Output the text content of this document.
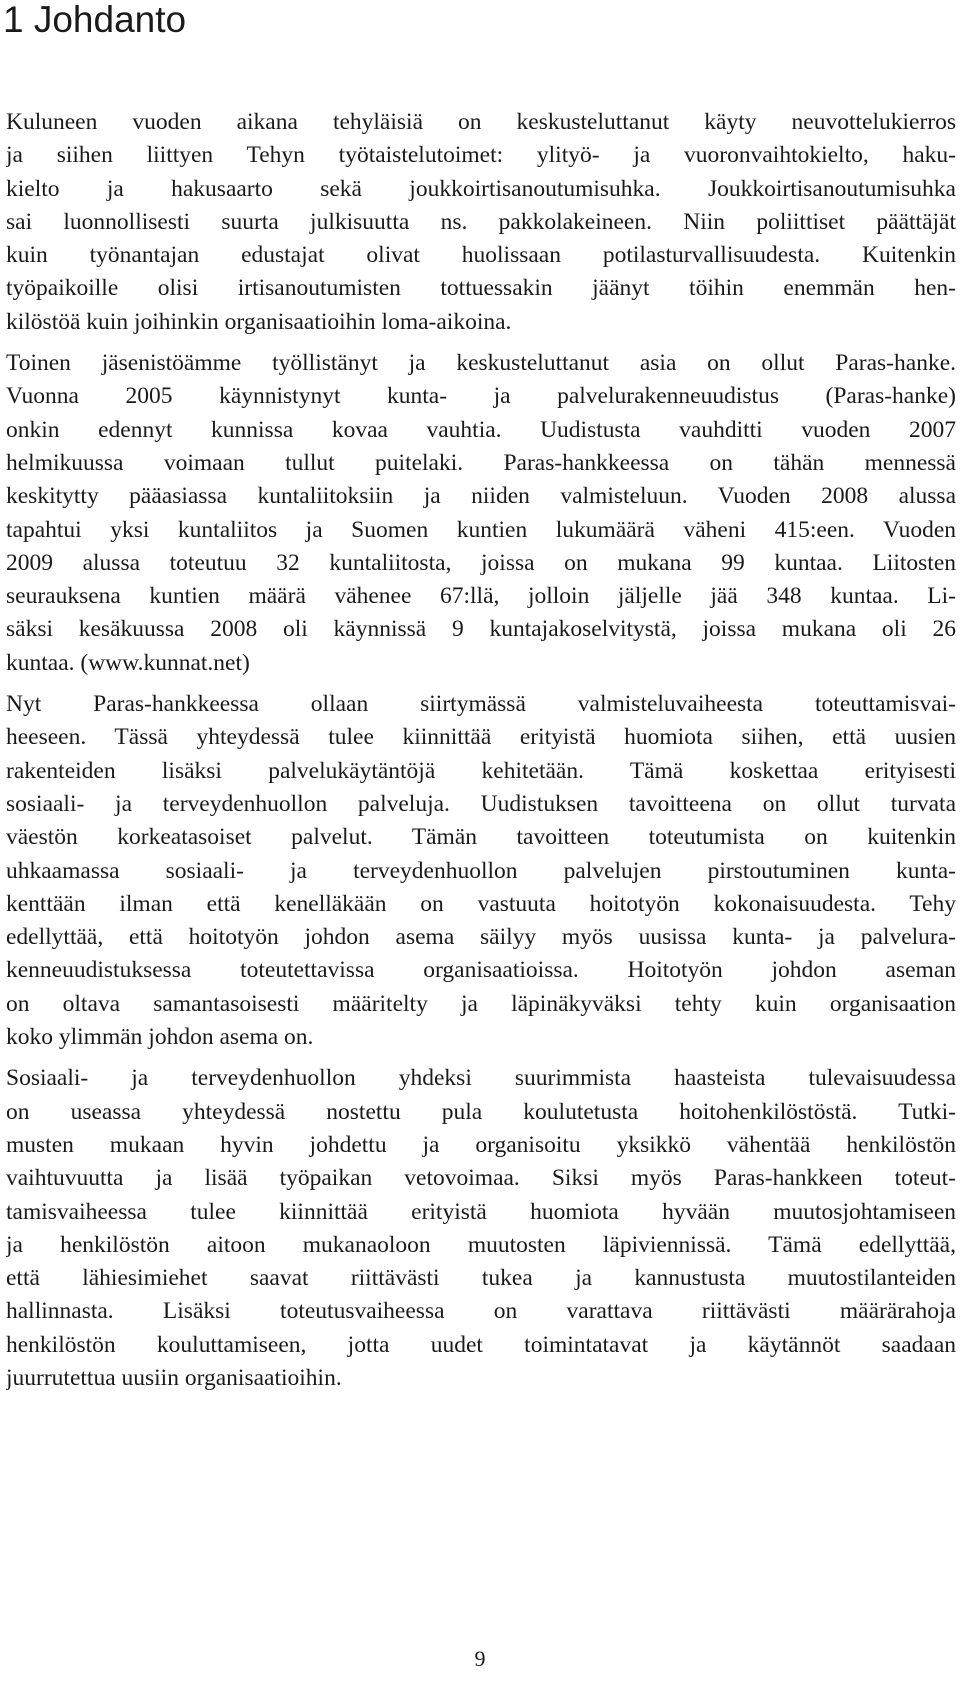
1 Johdanto

Kuluneen vuoden aikana tehyläisiä on keskusteluttanut käyty neuvottelukierros
ja siihen liittyen Tehyn työtaistelutoimet: ylityö- ja vuoronvaihtokielto, haku-
kielto ja hakusaarto sekä joukkoirtisanoutumisuhka. Joukkoirtisanoutumisuhka
sai luonnollisesti suurta julkisuutta ns. pakkolakeineen. Niin poliittiset päättäjät
kuin työnantajan edustajat olivat huolissaan potilasturvallisuudesta. Kuitenkin
työpaikoille olisi irtisanoutumisten tottuessakin jäänyt töihin enemmän hen-
kilöstöä kuin joihinkin organisaatioihin loma-aikoina.

Toinen jäsenistöämme työllistänyt ja keskusteluttanut asia on ollut Paras-hanke.
Vuonna 2005 käynnistynyt kunta- ja palvelurakenneuudistus (Paras-hanke)
onkin edennyt kunnissa kovaa vauhtia. Uudistusta vauhditti vuoden 2007
helmikuussa voimaan tullut puitelaki. Paras-hankkeessa on tähän mennessä
keskitytty pääasiassa kuntaliitoksiin ja niiden valmisteluun. Vuoden 2008 alussa
tapahtui yksi kuntaliitos ja Suomen kuntien lukumäärä väheni 415:een. Vuoden
2009 alussa toteutuu 32 kuntaliitosta, joissa on mukana 99 kuntaa. Liitosten
seurauksena kuntien määrä vähenee 67:llä, jolloin jäljelle jää 348 kuntaa. Li-
säksi kesäkuussa 2008 oli käynnissä 9 kuntajakoselvitystä, joissa mukana oli 26
kuntaa. (www.kunnat.net)

Nyt Paras-hankkeessa ollaan siirtymässä valmisteluvaiheesta toteuttamisvai-
heeseen. Tässä yhteydessä tulee kiinnittää erityistä huomiota siihen, että uusien
rakenteiden lisäksi palvelukäytäntöjä kehitetään. Tämä koskettaa erityisesti
sosiaali- ja terveydenhuollon palveluja. Uudistuksen tavoitteena on ollut turvata
väestön korkeatasoiset palvelut. Tämän tavoitteen toteutumista on kuitenkin
uhkaamassa sosiaali- ja terveydenhuollon palvelujen pirstoutuminen kunta-
kenttään ilman että kenelläkään on vastuuta hoitotyön kokonaisuudesta. Tehy
edellyttää, että hoitotyön johdon asema säilyy myös uusissa kunta- ja palvelura-
kenneuudistuksessa toteutettavissa organisaatioissa. Hoitotyön johdon aseman
on oltava samantasoisesti määritelty ja läpinäkyväksi tehty kuin organisaation
koko ylimmän johdon asema on.

Sosiaali- ja terveydenhuollon yhdeksi suurimmista haasteista tulevaisuudessa
on useassa yhteydessä nostettu pula koulutetusta hoitohenkilöstöstä. Tutki-
musten mukaan hyvin johdettu ja organisoitu yksikkö vähentää henkilöstön
vaihtuvuutta ja lisää työpaikan vetovoimaa. Siksi myös Paras-hankkeen toteut-
tamisvaiheessa tulee kiinnittää erityistä huomiota hyvään muutosjohtamiseen
ja henkilöstön aitoon mukanaoloon muutosten läpiviennissä. Tämä edellyttää,
että lähiesimiehet saavat riittävästi tukea ja kannustusta muutostilanteiden
hallinnasta. Lisäksi toteutusvaiheessa on varattava riittävästi määrärahoja
henkilöstön kouluttamiseen, jotta uudet toimintatavat ja käytännöt saadaan
juurrutettua uusiin organisaatioihin.

9
